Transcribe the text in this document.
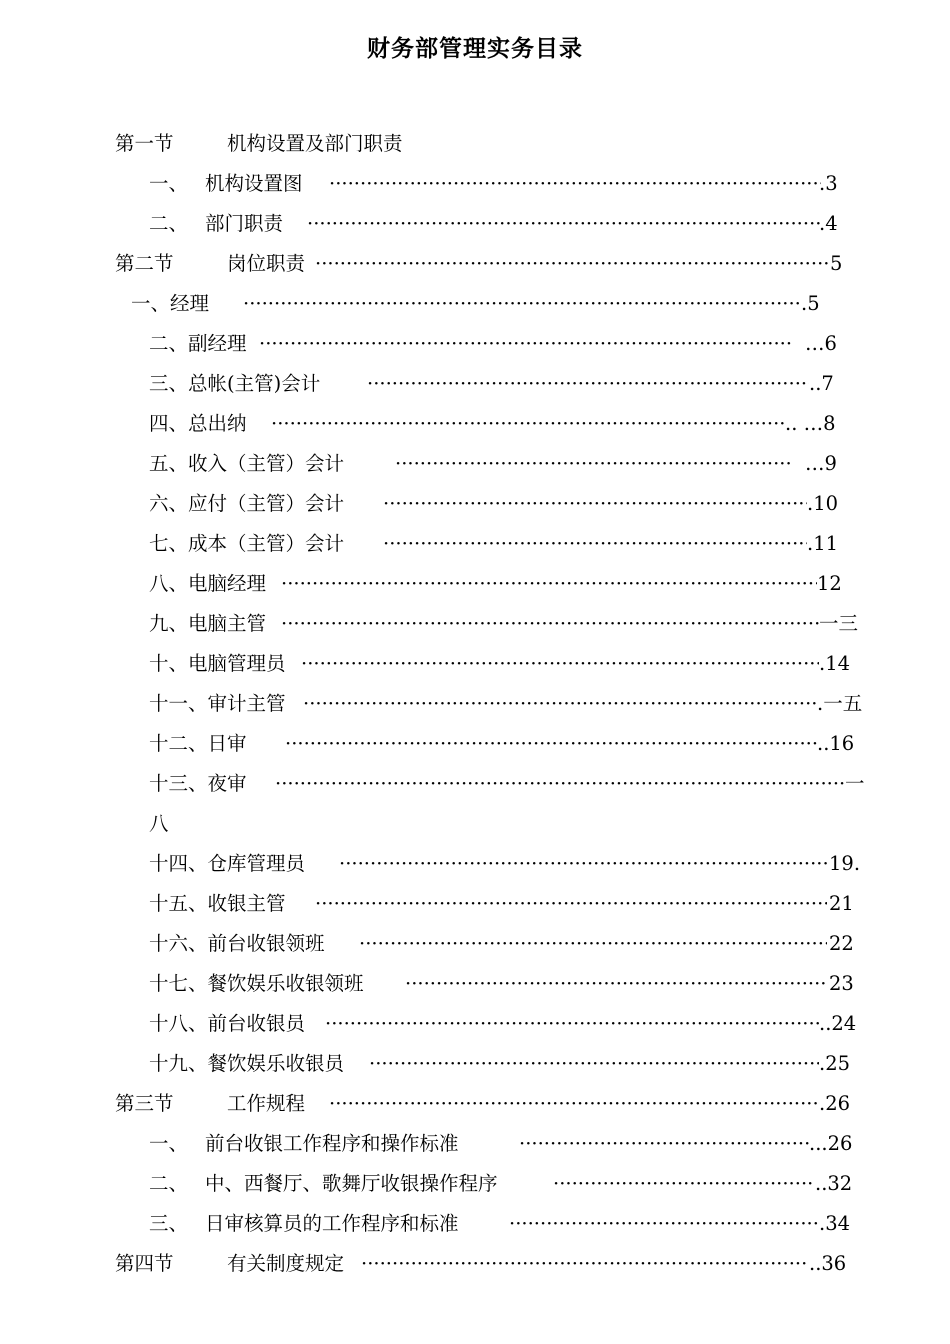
财务部管理实务目录
第一节	机构设置及部门职责
一、 机构设置图 ·····	.3
二、 部门职责 ·····	.4
第二节	岗位职责 ·····	5
一、经理 ·····	.5
二、副经理 ·····	…6
三、总帐(主管)会计 ·····	..7
四、总出纳 ·····	.. …8
五、收入（主管）会计 ·····	…9
六、应付（主管）会计 ·····	.10
七、成本（主管）会计 ·····	.11
八、电脑经理 ·····	12
九、电脑主管 ·····	一三
十、电脑管理员 ·····	.14
十一、审计主管 ·····	.一五
十二、日审 ·····	..16
十三、夜审 ·····	一
八
十四、仓库管理员 ·····	19.
十五、收银主管 ·····	21
十六、前台收银领班 ·····	22
十七、餐饮娱乐收银领班 ·····	23
十八、前台收银员 ·····	..24
十九、餐饮娱乐收银员 ·····	.25
第三节	工作规程 ·····	.26
一、 前台收银工作程序和操作标准 ·····	...26
二、 中、西餐厅、歌舞厅收银操作程序 ·····	..32
三、 日审核算员的工作程序和标准 ·····	.34
第四节	有关制度规定 ·····	..36
